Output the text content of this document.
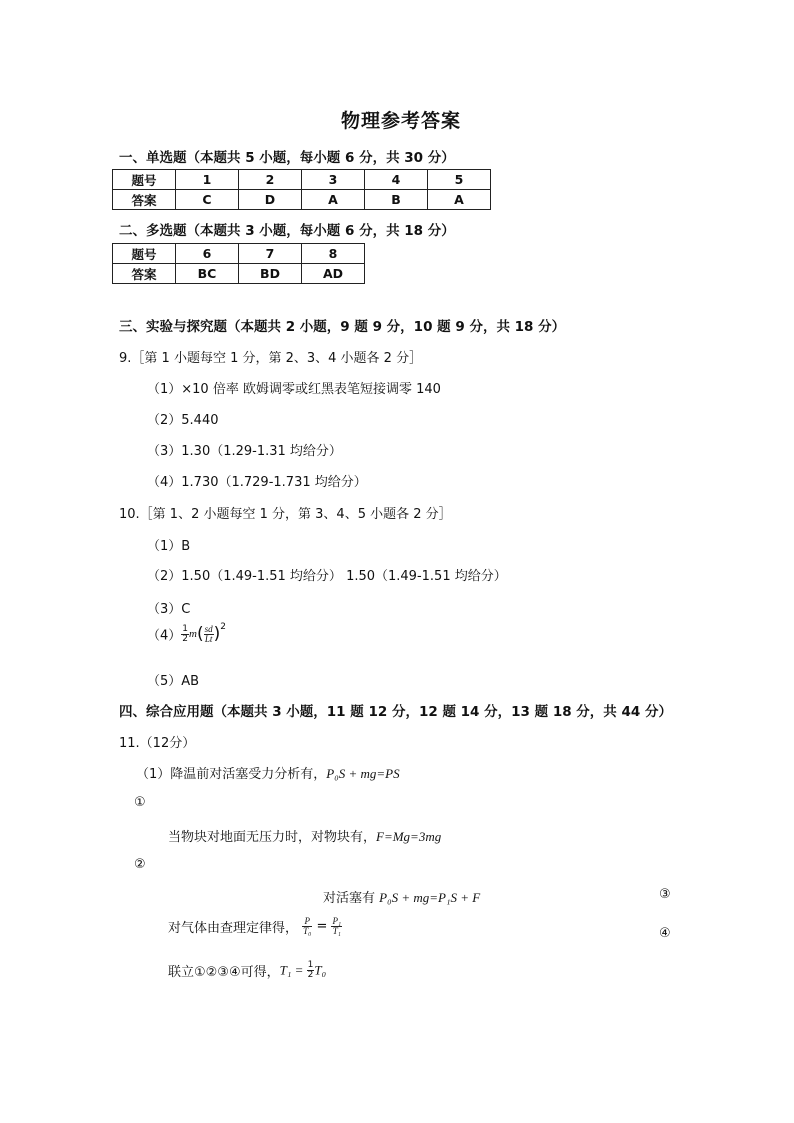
物理参考答案
一、单选题（本题共 5 小题，每小题 6 分，共 30 分）
题号	1	2	3	4	5
答案	C	D	A	B	A
二、多选题（本题共 3 小题，每小题 6 分，共 18 分）
题号	6	7	8
答案	BC	BD	AD
三、实验与探究题（本题共 2 小题，9 题 9 分，10 题 9 分，共 18 分）
9.［第 1 小题每空 1 分，第 2、3、4 小题各 2 分］
（1）×10 倍率 欧姆调零或红黑表笔短接调零 140
（2）5.440
（3）1.30（1.29-1.31 均给分）
（4）1.730（1.729-1.731 均给分）
10.［第 1、2 小题每空 1 分，第 3、4、5 小题各 2 分］
（1）B
（2）1.50（1.49-1.51 均给分） 1.50（1.49-1.51 均给分）
（3）C
$(4) \frac{1}{2} m( \frac{sd}{Lt} )^2$
（5）AB
四、综合应用题（本题共 3 小题，11 题 12 分，12 题 14 分，13 题 18 分，共 44 分）
11.（12分）
（1）降温前对活塞受力分析有，P₀S + mg=PS
①
当物块对地面无压力时，对物块有，F=Mg=3mg
②
对活塞有 P₀S + mg=P₁S + F	③
对气体由查理定律得， $\frac{P}{\text{T₀}} = \frac{\text{P₁}}{\text{T₁}}$	④
联立①②③④可得，$T_1 = \frac{1}{2} T_0$
